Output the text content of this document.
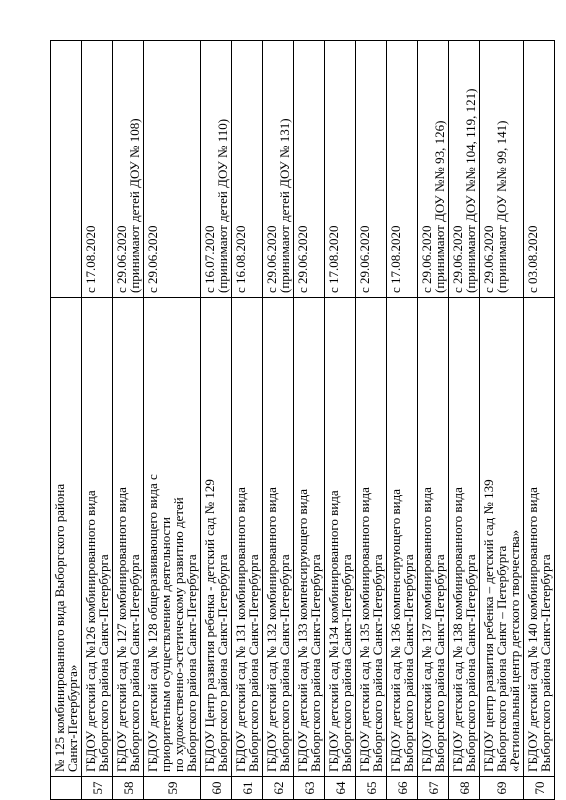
	№ 125 комбинированного вида Выборгского района
Санкт-Петербурга»	

57	ГБДОУ детский сад №126 комбинированного вида
Выборгского района Санкт-Петербурга	с 17.08.2020

58	ГБДОУ детский сад № 127 комбинированного вида
Выборгского района Санкт-Петербурга	с 29.06.2020
(принимают детей ДОУ № 108)

59	ГБДОУ детский сад № 128 общеразвивающего вида с
приоритетным осуществлением деятельности
по художественно-эстетическому развитию детей
Выборгского района Санкт-Петербурга	с 29.06.2020

60	ГБДОУ Центр развития ребенка - детский сад № 129
Выборгского района Санкт-Петербурга	с 16.07.2020
(принимают детей ДОУ № 110)

61	ГБДОУ детский сад № 131 комбинированного вида
Выборгского района Санкт-Петербурга	с 16.08.2020

62	ГБДОУ детский сад № 132 комбинированного вида
Выборгского района Санкт-Петербурга	с 29.06.2020
(принимают детей ДОУ № 131)

63	ГБДОУ детский сад № 133 компенсирующего вида
Выборгского района Санкт-Петербурга	с 29.06.2020

64	ГБДОУ детский сад №134 комбинированного вида
Выборгского района Санкт-Петербурга	с 17.08.2020

65	ГБДОУ детский сад № 135 комбинированного вида
Выборгского района Санкт-Петербурга	с 29.06.2020

66	ГБДОУ детский сад № 136 компенсирующего вида
Выборгского района Санкт-Петербурга	с 17.08.2020

67	ГБДОУ детский сад № 137 комбинированного вида
Выборгского района Санкт-Петербурга	с 29.06.2020
(принимают ДОУ №№ 93, 126)

68	ГБДОУ детский сад № 138 комбинированного вида
Выборгского района Санкт-Петербурга	с 29.06.2020
(принимают ДОУ №№ 104, 119, 121)

69	ГБДОУ центр развития ребенка – детский сад № 139
Выборгского района Санкт – Петербурга
«Региональный центр детского творчества»	с 29.06.2020
(принимают ДОУ №№ 99, 141)

70	ГБДОУ детский сад № 140 комбинированного вида
Выборгского района Санкт-Петербурга	с 03.08.2020
